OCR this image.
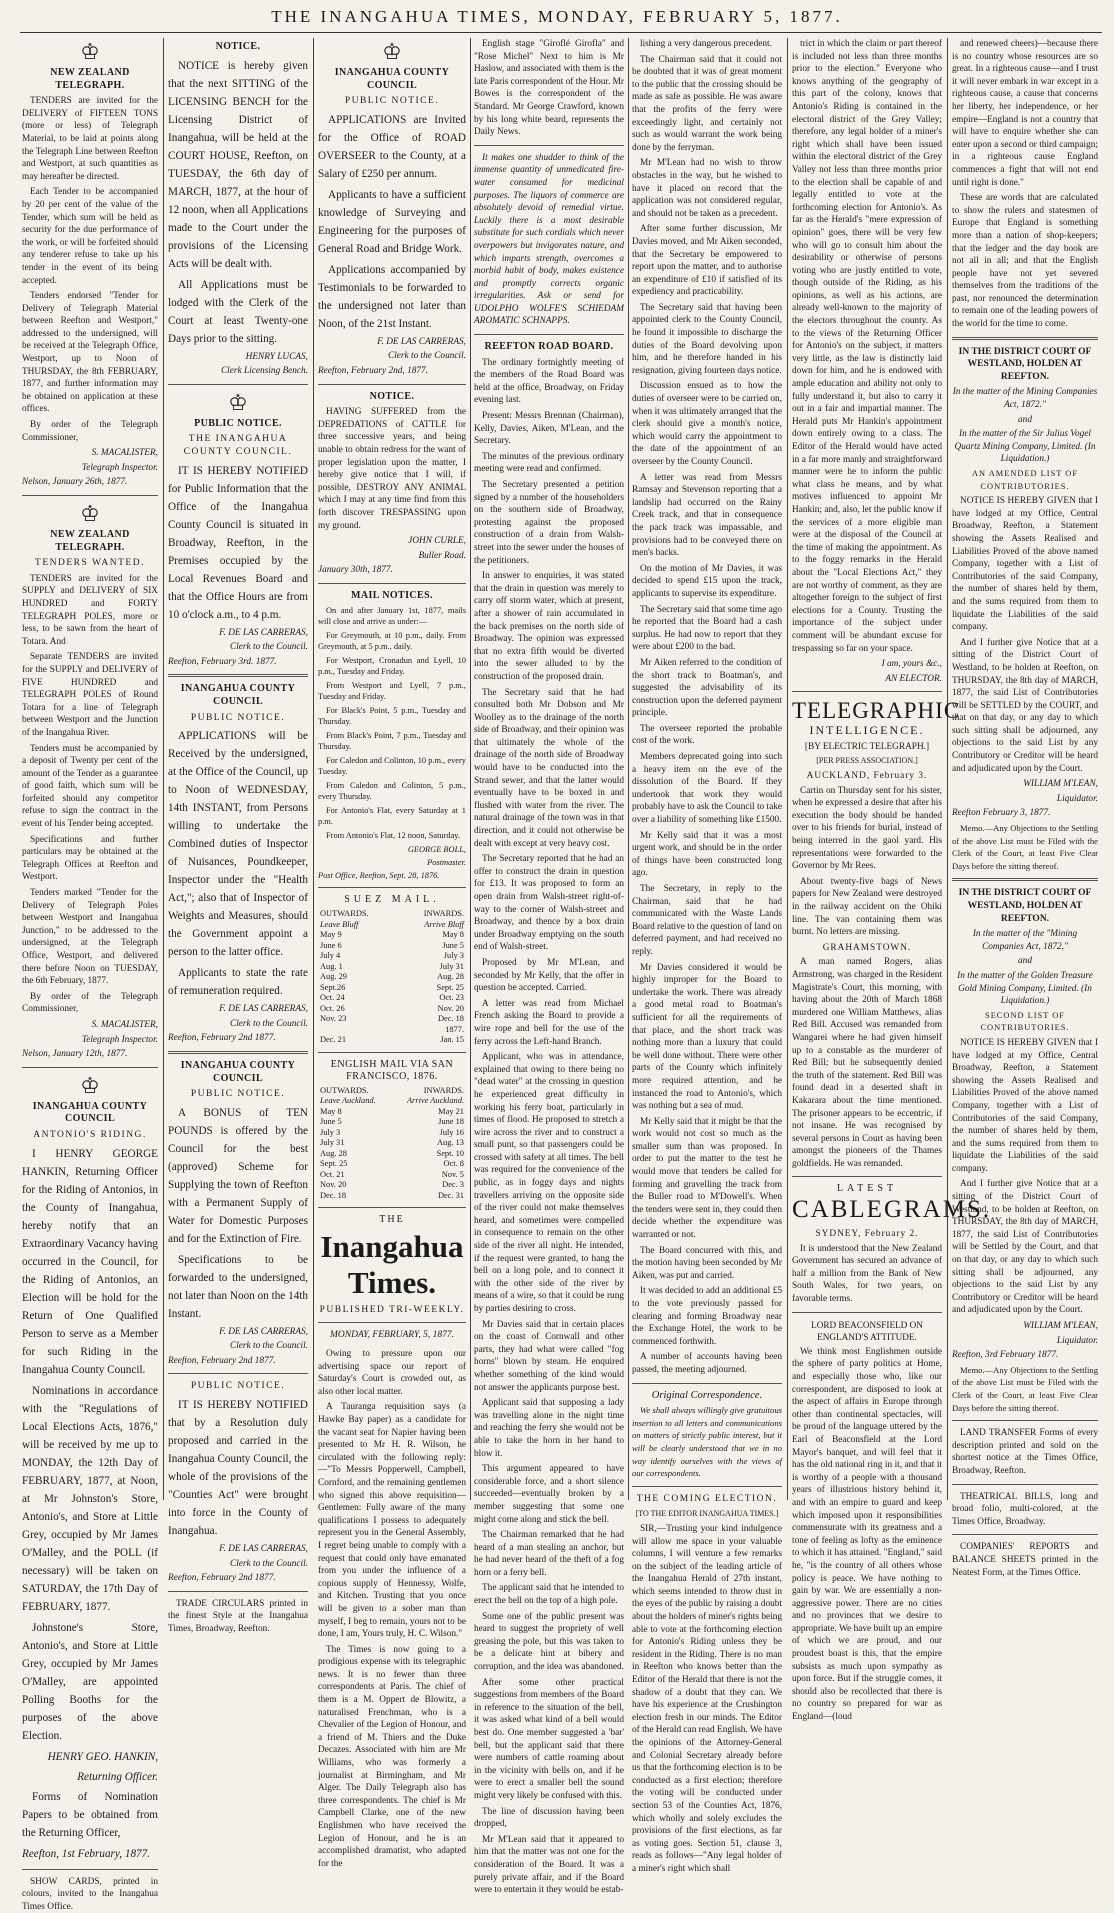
THE INANGAHUA TIMES, MONDAY, FEBRUARY 5, 1877.
♔
NEW ZEALAND TELEGRAPH.

TENDERS are invited for the DELIVERY of FIFTEEN TONS (more or less) of Telegraph Material, to be laid at points along the Telegraph Line between Reefton and Westport, at such quantities as may hereafter be directed.

Each Tender to be accompanied by 20 per cent of the value of the Tender, which sum will be held as security for the due performance of the work, or will be forfeited should any tenderer refuse to take up his tender in the event of its being accepted.

Tenders endorsed "Tender for Delivery of Telegraph Material between Reefton and Westport," addressed to the undersigned, will be received at the Telegraph Office, Westport, up to Noon of THURSDAY, the 8th FEBRUARY, 1877, and further information may be obtained on application at these offices.

By order of the Telegraph Commissioner,

S. MACALISTER,
Telegraph Inspector.
Nelson, January 26th, 1877.
♔
NEW ZEALAND TELEGRAPH.
TENDERS WANTED.

TENDERS are invited for the SUPPLY and DELIVERY of SIX HUNDRED and FORTY TELEGRAPH POLES, more or less, to be sawn from the heart of Totara. And

Separate TENDERS are invited for the SUPPLY and DELIVERY of FIVE HUNDRED and TELEGRAPH POLES of Round Totara for a line of Telegraph between Westport and the Junction of the Inangahua River.

Tenders must be accompanied by a deposit of Twenty per cent of the amount of the Tender as a guarantee of good faith, which sum will be forfeited should any competitor refuse to sign the contract in the event of his Tender being accepted.

Specifications and further particulars may be obtained at the Telegraph Offices at Reefton and Westport.

Tenders marked "Tender for the Delivery of Telegraph Poles between Westport and Inangahua Junction," to be addressed to the undersigned, at the Telegraph Office, Westport, and delivered there before Noon on TUESDAY, the 6th February, 1877.

By order of the Telegraph Commissioner,

S. MACALISTER,
Telegraph Inspector.
Nelson, January 12th, 1877.
♔
INANGAHUA COUNTY COUNCIL
ANTONIO'S RIDING.

I HENRY GEORGE HANKIN, Returning Officer for the Riding of Antonios, in the County of Inangahua, hereby notify that an Extraordinary Vacancy having occurred in the Council, for the Riding of Antonios, an Election will be hold for the Return of One Qualified Person to serve as a Member for such Riding in the Inangahua County Council.

Nominations in accordance with the "Regulations of Local Elections Acts, 1876," will be received by me up to MONDAY, the 12th Day of FEBRUARY, 1877, at Noon, at Mr Johnston's Store, Antonio's, and Store at Little Grey, occupied by Mr James O'Malley, and the POLL (if necessary) will be taken on SATURDAY, the 17th Day of FEBRUARY, 1877.

Johnstone's Store, Antonio's, and Store at Little Grey, occupied by Mr James O'Malley, are appointed Polling Booths for the purposes of the above Election.

HENRY GEO. HANKIN,
Returning Officer.

Forms of Nomination Papers to be obtained from the Returning Officer,

Reefton, 1st February, 1877.

SHOW CARDS, printed in colours, invited to the Inangahua Times Office.

NOTICE.

NOTICE is hereby given that the next SITTING of the LICENSING BENCH for the Licensing District of Inangahua, will be held at the COURT HOUSE, Reefton, on TUESDAY, the 6th day of MARCH, 1877, at the hour of 12 noon, when all Applications made to the Court under the provisions of the Licensing Acts will be dealt with.

All Applications must be lodged with the Clerk of the Court at least Twenty-one Days prior to the sitting.

HENRY LUCAS,
Clerk Licensing Bench.
♔
PUBLIC NOTICE.
THE INANGAHUA COUNTY COUNCIL.

IT IS HEREBY NOTIFIED for Public Information that the Office of the Inangahua County Council is situated in Broadway, Reefton, in the Premises occupied by the Local Revenues Board and that the Office Hours are from 10 o'clock a.m., to 4 p.m.

F. DE LAS CARRERAS,
Clerk to the Council.
Reefton, February 3rd. 1877.
INANGAHUA COUNTY COUNCIL
PUBLIC NOTICE.

APPLICATIONS will be Received by the undersigned, at the Office of the Council, up to Noon of WEDNESDAY, 14th INSTANT, from Persons willing to undertake the Combined duties of Inspector of Nuisances, Poundkeeper, Inspector under the "Health Act,"; also that of Inspector of Weights and Measures, should the Government appoint a person to the latter office.

Applicants to state the rate of remuneration required.

F. DE LAS CARRERAS,
Clerk to the Council.
Reefton, February 2nd 1877.
INANGAHUA COUNTY COUNCIL
PUBLIC NOTICE.

A BONUS of TEN POUNDS is offered by the Council for the best (approved) Scheme for Supplying the town of Reefton with a Permanent Supply of Water for Domestic Purposes and for the Extinction of Fire.

Specifications to be forwarded to the undersigned, not later than Noon on the 14th Instant.

F. DE LAS CARRERAS,
Clerk to the Council.
Reefton, February 2nd 1877.
PUBLIC NOTICE.

IT IS HEREBY NOTIFIED that by a Resolution duly proposed and carried in the Inangahua County Council, the whole of the provisions of the "Counties Act" were brought into force in the County of Inangahua.

F. DE LAS CARRERAS,
Clerk to the Council.
Reefton, February 2nd 1877.

TRADE CIRCULARS printed in the finest Style at the Inangahua Times, Broadway, Reefton.

♔
INANGAHUA COUNTY COUNCIL
PUBLIC NOTICE.

APPLICATIONS are Invited for the Office of ROAD OVERSEER to the County, at a Salary of £250 per annum.

Applicants to have a sufficient knowledge of Surveying and Engineering for the purposes of General Road and Bridge Work.

Applications accompanied by Testimonials to be forwarded to the undersigned not later than Noon, of the 21st Instant.

F. DE LAS CARRERAS,
Clerk to the Council.
Reefton, February 2nd, 1877.
NOTICE.

HAVING SUFFERED from the DEPREDATIONS of CATTLE for three successive years, and being unable to obtain redress for the want of proper legislation upon the matter, I hereby give notice that I will, if possible, DESTROY ANY ANIMAL which I may at any time find from this forth discover TRESPASSING upon my ground.

JOHN CURLE,
Buller Road.
January 30th, 1877.
MAIL NOTICES.

On and after January 1st, 1877, mails will close and arrive as under:—

For Greymouth, at 10 p.m., daily. From Greymouth, at 5 p.m., daily.

For Westport, Cronadun and Lyell, 10 p.m., Tuesday and Friday.

From Westport and Lyell, 7 p.m., Tuesday and Friday.

For Black's Point, 5 p.m., Tuesday and Thursday.

From Black's Point, 7 p.m., Tuesday and Thursday.

For Caledon and Colinton, 10 p.m., every Tuesday.

From Caledon and Colinton, 5 p.m., every Thursday.

For Antonio's Flat, every Saturday at 1 p.m.

From Antonio's Flat, 12 noon, Saturday.

GEORGE BOLL,
Postmaster.
Post Office, Reefton, Sept. 28, 1876.
SUEZ MAIL.
OUTWARDS.	INWARDS.
Leave Bluff	Arrive Bluff
May 9	May 8
June 6	June 5
July 4	July 3
Aug. 1	July 31
Aug. 29	Aug. 28
Sept.26	Sept. 25
Oct. 24	Oct. 23
Oct. 26	Nov. 20
Nov. 23	Dec. 18
	1877.
Dec. 21	Jan. 15
ENGLISH MAIL VIA SAN FRANCISCO, 1876.
OUTWARDS.	INWARDS.
Leave Auckland.	Arrive Auckland.
May 8	May 21
June 5	June 18
July 3	July 16
July 31	Aug. 13
Aug. 28	Sept. 10
Sept. 25	Oct. 8
Oct. 21	Nov. 5
Nov. 20	Dec. 3
Dec. 18	Dec. 31
THE
Inangahua Times.
PUBLISHED TRI-WEEKLY.
MONDAY, FEBRUARY, 5, 1877.

Owing to pressure upon our advertising space our report of Saturday's Court is crowded out, as also other local matter.

A Tauranga requisition says (a Hawke Bay paper) as a candidate for the vacant seat for Napier having been presented to Mr H. R. Wilson, he circulated with the following reply:—"To Messrs Popperwell, Campbell, Cornford, and the remaining gentlemen who signed this above requisition—Gentlemen: Fully aware of the many qualifications I possess to adequately represent you in the General Assembly, I regret being unable to comply with a request that could only have emanated from you under the influence of a copious supply of Hennessy, Wolfe, and Kitchen. Trusting that you once will be given to a sober man than myself, I beg to remain, yours not to be done, I am, Yours truly, H. C. Wilson."

The Times is now going to a prodigious expense with its telegraphic news. It is no fewer than three correspondents at Paris. The chief of them is a M. Oppert de Blowitz, a naturalised Frenchman, who is a Chevalier of the Legion of Honour, and a friend of M. Thiers and the Duke Decazes. Associated with him are Mr Williams, who was formerly a journalist at Birmingham, and Mr Alger. The Daily Telegraph also has three correspondents. The chief is Mr Campbell Clarke, one of the new Englishmen who have received the Legion of Honour, and he is an accomplished dramatist, who adapted for the

English stage "Giroflé Girofla" and "Rose Michel" Next to him is Mr Haslow, and associated with them is the late Paris correspondent of the Hour. Mr Bowes is the correspondent of the Standard. Mr George Crawford, known by his long white beard, represents the Daily News.

It makes one shudder to think of the immense quantity of unmedicated fire-water consumed for medicinal purposes. The liquors of commerce are absolutely devoid of remedial virtue. Luckily there is a most desirable substitute for such cordials which never overpowers but invigorates nature, and which imparts strength, overcomes a morbid habit of body, makes existence and promptly corrects organic irregularities. Ask or send for UDOLPHO WOLFE'S SCHIEDAM AROMATIC SCHNAPPS.

REEFTON ROAD BOARD.

The ordinary fortnightly meeting of the members of the Road Board was held at the office, Broadway, on Friday evening last.

Present: Messrs Brennan (Chairman), Kelly, Davies, Aiken, M'Lean, and the Secretary.

The minutes of the previous ordinary meeting were read and confirmed.

The Secretary presented a petition signed by a number of the householders on the southern side of Broadway, protesting against the proposed construction of a drain from Walsh-street into the sewer under the houses of the petitioners.

In answer to enquiries, it was stated that the drain in question was merely to carry off storm water, which at present, after a shower of rain accumulated in the back premises on the north side of Broadway. The opinion was expressed that no extra fifth would be diverted into the sewer alluded to by the construction of the proposed drain.

The Secretary said that he had consulted both Mr Dobson and Mr Woolley as to the drainage of the north side of Broadway, and their opinion was that ultimately the whole of the drainage of the north side of Broadway would have to be conducted into the Strand sewer, and that the latter would eventually have to be boxed in and flushed with water from the river. The natural drainage of the town was in that direction, and it could not otherwise be dealt with except at very heavy cost.

The Secretary reported that he had an offer to construct the drain in question for £13. It was proposed to form an open drain from Walsh-street right-of-way to the corner of Walsh-street and Broadway, and thence by a box drain under Broadway emptying on the south end of Walsh-street.

Proposed by Mr M'Lean, and seconded by Mr Kelly, that the offer in question be accepted. Carried.

A letter was read from Michael French asking the Board to provide a wire rope and bell for the use of the ferry across the Left-hand Branch.

Applicant, who was in attendance, explained that owing to there being no "dead water" at the crossing in question he experienced great difficulty in working his ferry boat, particularly in times of flood. He proposed to stretch a wire across the river and to construct a small punt, so that passengers could be crossed with safety at all times. The bell was required for the convenience of the public, as in foggy days and nights travellers arriving on the opposite side of the river could not make themselves heard, and sometimes were compelled in consequence to remain on the other side of the river all night. He intended, if the request were granted, to hang the bell on a long pole, and to connect it with the other side of the river by means of a wire, so that it could be rung by parties desiring to cross.

Mr Davies said that in certain places on the coast of Cornwall and other parts, they had what were called "fog horns" blown by steam. He enquired whether something of the kind would not answer the applicants purpose best.

Applicant said that supposing a lady was travelling alone in the night time and reaching the ferry she would not be able to take the horn in her hand to blow it.

This argument appeared to have considerable force, and a short silence succeeded—eventually broken by a member suggesting that some one might come along and stick the bell.

The Chairman remarked that he had heard of a man stealing an anchor, but he had never heard of the theft of a fog horn or a ferry bell.

The applicant said that he intended to erect the bell on the top of a high pole.

Some one of the public present was heard to suggest the propriety of well greasing the pole, but this was taken to be a delicate hint at bibery and corruption, and the idea was abandoned.

After some other practical suggestions from members of the Board in reference to the situation of the bell, it was asked what kind of a bell would best do. One member suggested a 'bar' bell, but the applicant said that there were numbers of cattle roaming about in the vicinity with bells on, and if he were to erect a smaller bell the sound might very likely be confused with this.

The line of discussion having been dropped,

Mr M'Lean said that it appeared to him that the matter was not one for the consideration of the Board. It was a purely private affair, and if the Board were to entertain it they would be estab-

lishing a very dangerous precedent.

The Chairman said that it could not be doubted that it was of great moment to the public that the crossing should be made as safe as possible. He was aware that the profits of the ferry were exceedingly light, and certainly not such as would warrant the work being done by the ferryman.

Mr M'Lean had no wish to throw obstacles in the way, but he wished to have it placed on record that the application was not considered regular, and should not be taken as a precedent.

After some further discussion, Mr Davies moved, and Mr Aiken seconded, that the Secretary be empowered to report upon the matter, and to authorise an expenditure of £10 if satisfied of its expediency and practicability.

The Secretary said that having been appointed clerk to the County Council, he found it impossible to discharge the duties of the Board devolving upon him, and he therefore handed in his resignation, giving fourteen days notice.

Discussion ensued as to how the duties of overseer were to be carried on, when it was ultimately arranged that the clerk should give a month's notice, which would carry the appointment to the date of the appointment of an overseer by the County Council.

A letter was read from Messrs Ramsay and Stevenson reporting that a landslip had occurred on the Rainy Creek track, and that in consequence the pack track was impassable, and provisions had to be conveyed there on men's backs.

On the motion of Mr Davies, it was decided to spend £15 upon the track, applicants to supervise its expenditure.

The Secretary said that some time ago he reported that the Board had a cash surplus. He had now to report that they were about £200 to the bad.

Mr Aiken referred to the condition of the short track to Boatman's, and suggested the advisability of its construction upon the deferred payment principle.

The overseer reported the probable cost of the work.

Members deprecated going into such a heavy item on the eve of the dissolution of the Board. If they undertook that work they would probably have to ask the Council to take over a liability of something like £1500.

Mr Kelly said that it was a most urgent work, and should be in the order of things have been constructed long ago.

The Secretary, in reply to the Chairman, said that he had communicated with the Waste Lands Board relative to the question of land on deferred payment, and had received no reply.

Mr Davies considered it would be highly improper for the Board to undertake the work. There was already a good metal road to Boatman's sufficient for all the requirements of that place, and the short track was nothing more than a luxury that could be well done without. There were other parts of the County which infinitely more required attention, and he instanced the road to Antonio's, which was nothing but a sea of mud.

Mr Kelly said that it might be that the work would not cost so much as the smaller sum than was proposed. In order to put the matter to the test he would move that tenders be called for forming and gravelling the track from the Buller road to M'Dowell's. When the tenders were sent in, they could then decide whether the expenditure was warranted or not.

The Board concurred with this, and the motion having been seconded by Mr Aiken, was put and carried.

It was decided to add an additional £5 to the vote previously passed for clearing and forming Broadway near the Exchange Hotel, the work to be commenced forthwith.

A number of accounts having been passed, the meeting adjourned.

Original Correspondence.

We shall always willingly give gratuitous insertion to all letters and communications on matters of strictly public interest, but it will be clearly understood that we in no way identify ourselves with the views of our correspondents.

THE COMING ELECTION.
[TO THE EDITOR INANGAHUA TIMES.]

SIR,—Trusting your kind indulgence will allow me space in your valuable columns, I will venture a few remarks on the subject of the leading article of the Inangahua Herald of 27th instant, which seems intended to throw dust in the eyes of the public by raising a doubt about the holders of miner's rights being able to vote at the forthcoming election for Antonio's Riding unless they be resident in the Riding. There is no man in Reefton who knows better than the Editor of the Herald that there is not the shadow of a doubt that they can. We have his experience at the Crushington election fresh in our minds. The Editor of the Herald can read English. We have the opinions of the Attorney-General and Colonial Secretary already before us that the forthcoming election is to be conducted as a first election; therefore the voting will be conducted under section 53 of the Counties Act, 1876, which wholly and solely excludes the provisions of the first elections, as far as voting goes. Section 51, clause 3, reads as follows—"Any legal holder of a miner's right which shall

trict in which the claim or part thereof is included not less than three months prior to the election." Everyone who knows anything of the geography of this part of the colony, knows that Antonio's Riding is contained in the electoral district of the Grey Valley; therefore, any legal holder of a miner's right which shall have been issued within the electoral district of the Grey Valley not less than three months prior to the election shall be capable of and legally entitled to vote at the forthcoming election for Antonio's. As far as the Herald's "mere expression of opinion" goes, there will be very few who will go to consult him about the desirability or otherwise of persons voting who are justly entitled to vote, though outside of the Riding, as his opinions, as well as his actions, are already well-known to the majority of the electors throughout the county. As to the views of the Returning Officer for Antonio's on the subject, it matters very little, as the law is distinctly laid down for him, and he is endowed with ample education and ability not only to fully understand it, but also to carry it out in a fair and impartial manner. The Herald puts Mr Hankin's appointment down entirely owing to a class. The Editor of the Herald would have acted in a far more manly and straightforward manner were he to inform the public what class he means, and by what motives influenced to appoint Mr Hankin; and, also, let the public know if the services of a more eligible man were at the disposal of the Council at the time of making the appointment. As to the foggy remarks in the Herald about the "Local Elections Act," they are not worthy of comment, as they are altogether foreign to the subject of first elections for a County. Trusting the importance of the subject under comment will be abundant excuse for trespassing so far on your space.

I am, yours &c.,
AN ELECTOR.
TELEGRAPHIC
INTELLIGENCE.
[BY ELECTRIC TELEGRAPH.]
[PER PRESS ASSOCIATION.]
AUCKLAND, February 3.

Cartin on Thursday sent for his sister, when he expressed a desire that after his execution the body should be handed over to his friends for burial, instead of being interred in the gaol yard. His representations were forwarded to the Governor by Mr Rees.

About twenty-five bags of News papers for New Zealand were destroyed in the railway accident on the Ohiki line. The van containing them was burnt. No letters are missing.

GRAHAMSTOWN.

A man named Rogers, alias Armstrong, was charged in the Resident Magistrate's Court, this morning, with having about the 20th of March 1868 murdered one William Matthews, alias Red Bill. Accused was remanded from Wangarei where he had given himself up to a constable as the murderer of Red Bill; but he subsequently denied the truth of the statement. Red Bill was found dead in a deserted shaft in Kakarara about the time mentioned. The prisoner appears to be eccentric, if not insane. He was recognised by several persons in Court as having been amongst the pioneers of the Thames goldfields. He was remanded.

LATEST
CABLEGRAMS.
SYDNEY, February 2.

It is understood that the New Zealand Government has secured an advance of half a million from the Bank of New South Wales, for two years, on favorable terms.

LORD BEACONSFIELD ON ENGLAND'S ATTITUDE.

We think most Englishmen outside the sphere of party politics at Home, and especially those who, like our correspondent, are disposed to look at the aspect of affairs in Europe through other than continental spectacles, will be proud of the language uttered by the Earl of Beaconsfield at the Lord Mayor's banquet, and will feel that it has the old national ring in it, and that it is worthy of a people with a thousand years of illustrious history behind it, and with an empire to guard and keep which imposed upon it responsibilities commensurate with its greatness and a tone of feeling as lofty as the eminence to which it has attained. "England," said he, "is the country of all others whose policy is peace. We have nothing to gain by war. We are essentially a non-aggressive power. There are no cities and no provinces that we desire to appropriate. We have built up an empire of which we are proud, and our proudest boast is this, that the empire subsists as much upon sympathy as upon force. But if the struggle comes, it should also be recollected that there is no country so prepared for war as England—(loud

and renewed cheers)—because there is no country whose resources are so great. In a righteous cause—and I trust it will never embark in war except in a righteous cause, a cause that concerns her liberty, her independence, or her empire—England is not a country that will have to enquire whether she can enter upon a second or third campaign; in a righteous cause England commences a fight that will not end until right is done."

These are words that are calculated to show the rulers and statesmen of Europe that England is something more than a nation of shop-keepers; that the ledger and the day book are not all in all; and that the English people have not yet severed themselves from the traditions of the past, nor renounced the determination to remain one of the leading powers of the world for the time to come.

IN THE DISTRICT COURT OF WESTLAND, HOLDEN AT REEFTON.
In the matter of the Mining Companies Act, 1872."
and
In the matter of the Sir Julius Vogel Quartz Mining Company, Limited. (In Liquidation.)
AN AMENDED LIST OF CONTRIBUTORIES.

NOTICE IS HEREBY GIVEN that I have lodged at my Office, Central Broadway, Reefton, a Statement showing the Assets Realised and Liabilities Proved of the above named Company, together with a List of Contributories of the said Company, the number of shares held by them, and the sums required from them to liquidate the Liabilities of the said company.

And I further give Notice that at a sitting of the District Court of Westland, to be holden at Reefton, on THURSDAY, the 8th day of MARCH, 1877, the said List of Contributories will be SETTLED by the COURT, and that on that day, or any day to which such sitting shall be adjourned, any objections to the said List by any Contributory or Creditor will be heard and adjudicated upon by the Court.

WILLIAM M'LEAN,
Liquidator.
Reefton February 3, 1877.

Memo.—Any Objections to the Settling of the above List must be Filed with the Clerk of the Court, at least Five Clear Days before the sitting thereof.

IN THE DISTRICT COURT OF WESTLAND, HOLDEN AT REEFTON.
In the matter of the "Mining Companies Act, 1872,"
and
In the matter of the Golden Treasure Gold Mining Company, Limited. (In Liquidation.)
SECOND LIST OF CONTRIBUTORIES.

NOTICE IS HEREBY GIVEN that I have lodged at my Office, Central Broadway, Reefton, a Statement showing the Assets Realised and Liabilities Proved of the above named Company, together with a List of Contributories of the said Company, the number of shares held by them, and the sums required from them to liquidate the Liabilities of the said company.

And I further give Notice that at a sitting of the District Court of Westland, to be holden at Reefton, on THURSDAY, the 8th day of MARCH, 1877, the said List of Contributories will be Settled by the Court, and that on that day, or any day to which such sitting shall be adjourned, any objections to the said List by any Contributory or Creditor will be heard and adjudicated upon by the Court.

WILLIAM M'LEAN,
Liquidator.
Reefton, 3rd February 1877.

Memo.—Any Objections to the Settling of the above List must be Filed with the Clerk of the Court, at least Five Clear Days before the sitting thereof.

LAND TRANSFER Forms of every description printed and sold on the shortest notice at the Times Office, Broadway, Reefton.

THEATRICAL BILLS, long and broad folio, multi-colored, at the Times Office, Broadway.

COMPANIES' REPORTS and BALANCE SHEETS printed in the Neatest Form, at the Times Office.
